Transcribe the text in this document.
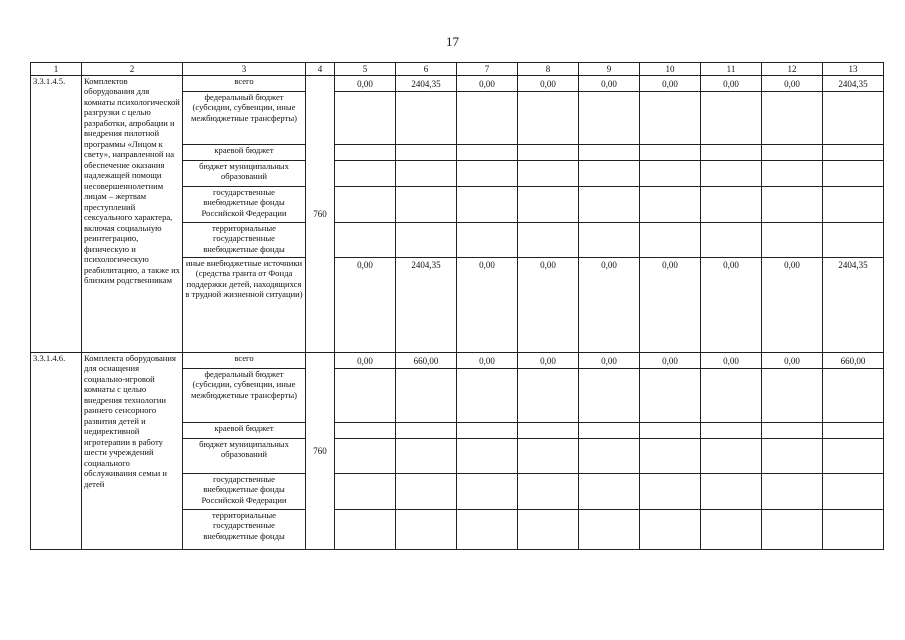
17
1	2	3	4	5	6	7	8	9	10	11	12	13
3.3.1.4.5.	Комплектов оборудования для комнаты психологической разгрузки с целью разработки, апробации и внедрения пилотной программы «Лицом к свету», направленной на обеспечение оказания надлежащей помощи несовершеннолетним лицам – жертвам преступлений сексуального характера, включая социальную реинтеграцию, физическую и психологическую реабилитацию, а также их близким родственникам	всего	760	0,00	2404,35	0,00	0,00	0,00	0,00	0,00	0,00	2404,35
		федеральный бюджет (субсидии, субвенции, иные межбюджетные трансферты)										
		краевой бюджет										
		бюджет муниципальных образований										
		государственные внебюджетные фонды Российской Федерации										
		территориальные государственные внебюджетные фонды										
		иные внебюджетные источники (средства гранта от Фонда поддержки детей, находящихся в трудной жизненной ситуации)		0,00	2404,35	0,00	0,00	0,00	0,00	0,00	0,00	2404,35
3.3.1.4.6.	Комплекта оборудования для оснащения социально-игровой комнаты с целью внедрения технологии раннего сенсорного развития детей и недирективной игротерапии в работу шести учреждений социального обслуживания семьи и детей	всего	760	0,00	660,00	0,00	0,00	0,00	0,00	0,00	0,00	660,00
		федеральный бюджет (субсидии, субвенции, иные межбюджетные трансферты)										
		краевой бюджет										
		бюджет муниципальных образований										
		государственные внебюджетные фонды Российской Федерации										
		территориальные государственные внебюджетные фонды										
